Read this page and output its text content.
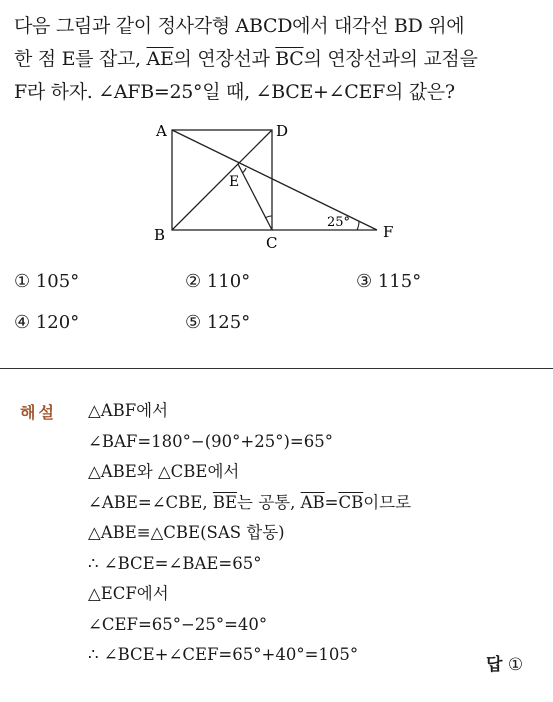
다음 그림과 같이 정사각형 ABCD에서 대각선 BD 위에
한 점 E를 잡고, $\overline{AE}$의 연장선과 $\overline{BC}$의 연장선과의 교점을
F라 하자. ∠AFB=25°일 때, ∠BCE+∠CEF의 값은?
A	D
B	C
E
F
25°
① 105°	② 110°	③ 115°
④ 120°	⑤ 125°
해설 △ABF에서
∠BAF=180°−(90°+25°)=65°
△ABE와 △CBE에서
∠ABE=∠CBE, $\overline{BE}$는 공통, $\overline{AB}=\overline{CB}$이므로
△ABE≡△CBE(SAS 합동)
∴ ∠BCE=∠BAE=65°
△ECF에서
∠CEF=65°−25°=40°
∴ ∠BCE+∠CEF=65°+40°=105°
답 ①
